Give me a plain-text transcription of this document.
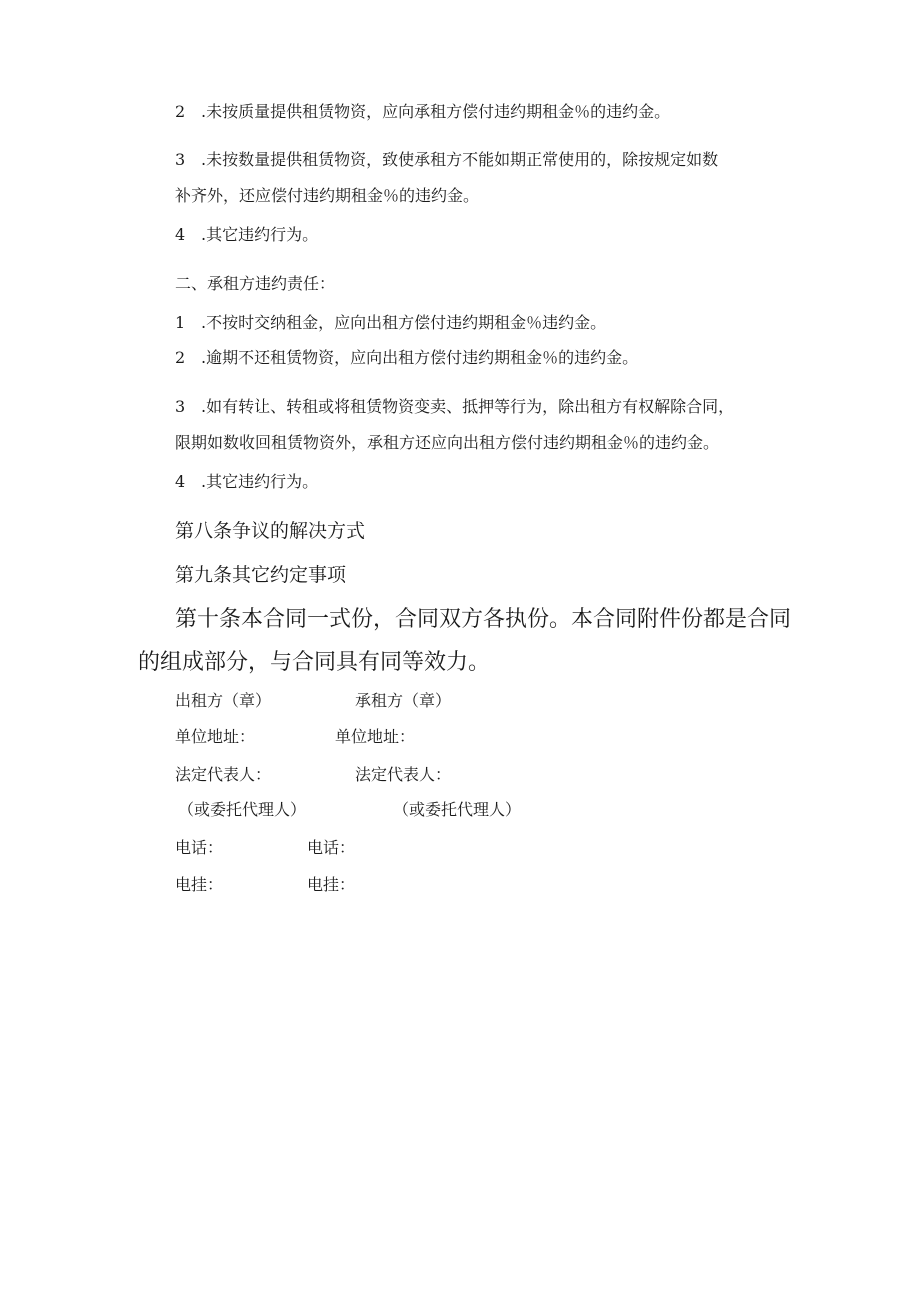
2 .未按质量提供租赁物资，应向承租方偿付违约期租金％的违约金。
3 .未按数量提供租赁物资，致使承租方不能如期正常使用的，除按规定如数
补齐外，还应偿付违约期租金％的违约金。
4 .其它违约行为。
二、承租方违约责任：
1 .不按时交纳租金，应向出租方偿付违约期租金％违约金。
2 .逾期不还租赁物资，应向出租方偿付违约期租金％的违约金。
3 .如有转让、转租或将租赁物资变卖、抵押等行为，除出租方有权解除合同，
限期如数收回租赁物资外，承租方还应向出租方偿付违约期租金％的违约金。
4 .其它违约行为。
第八条争议的解决方式
第九条其它约定事项
第十条本合同一式份，合同双方各执份。本合同附件份都是合同
的组成部分，与合同具有同等效力。
出租方（章）	承租方（章）
单位地址：	单位地址：
法定代表人：	法定代表人：
（或委托代理人）	（或委托代理人）
电话：	电话：
电挂：	电挂：
